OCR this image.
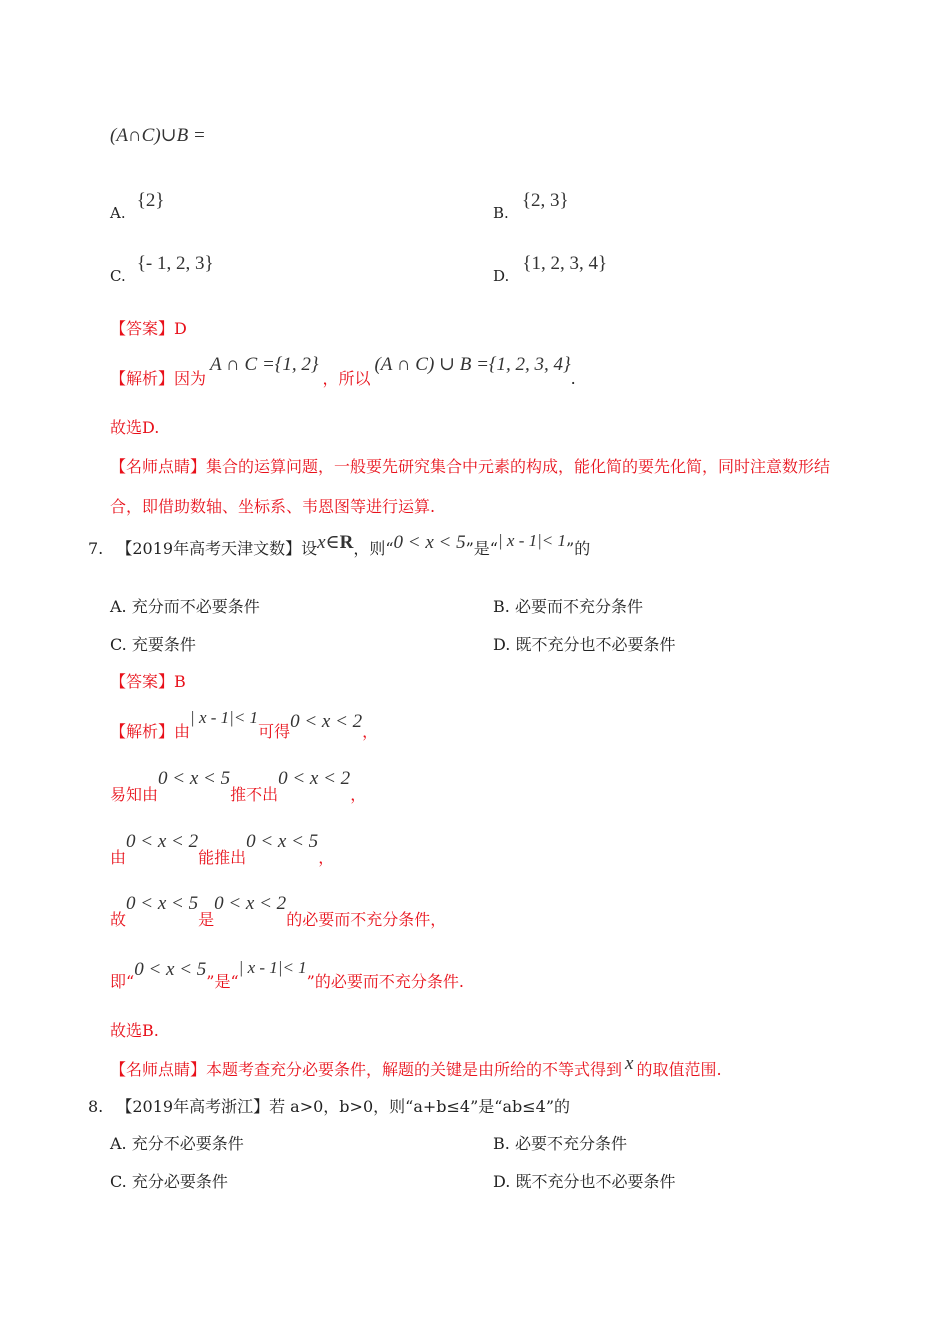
(A∩C)∪B =
A. {2}
B. {2, 3}
C. {- 1, 2, 3}
D. {1, 2, 3, 4}
【答案】D
【解析】因为A ∩ C ={1, 2}，所以(A ∩ C) ∪ B ={1, 2, 3, 4}.
故选D.
【名师点睛】集合的运算问题，一般要先研究集合中元素的构成，能化简的要先化简，同时注意数形结
合，即借助数轴、坐标系、韦恩图等进行运算.
7. 【2019年高考天津文数】设x∈R，则“0 < x < 5”是“| x - 1|< 1”的
A. 充分而不必要条件	B. 必要而不充分条件
C. 充要条件	D. 既不充分也不必要条件
【答案】B
【解析】由| x - 1|< 1可得0 < x < 2，
易知由0 < x < 5推不出0 < x < 2，
由0 < x < 2能推出0 < x < 5，
故0 < x < 5是0 < x < 2的必要而不充分条件，
即“0 < x < 5”是“| x - 1|< 1”的必要而不充分条件.
故选B.
【名师点睛】本题考查充分必要条件，解题的关键是由所给的不等式得到 x 的取值范围.
8. 【2019年高考浙江】若 a>0，b>0，则“a+b≤4”是“ab≤4”的
A. 充分不必要条件	B. 必要不充分条件
C. 充分必要条件	D. 既不充分也不必要条件
